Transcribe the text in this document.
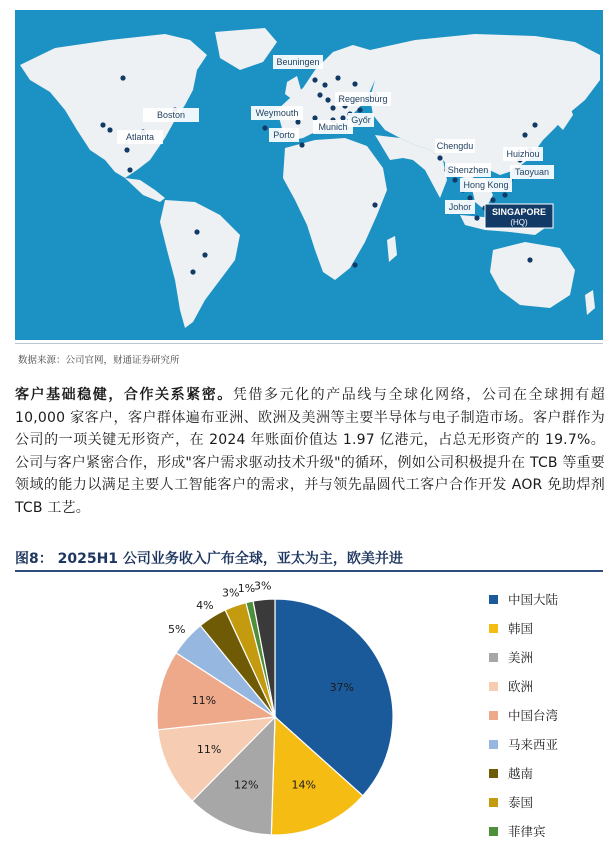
SINGAPORE
(HQ)
Boston
Atlanta
Beuningen
Regensburg
Weymouth
Munich
Győr
Porto
Chengdu
Huizhou
Shenzhen	Taoyuan
Hong Kong
Johor
数据来源：公司官网，财通证券研究所
客户基础稳健，合作关系紧密。凭借多元化的产品线与全球化网络，公司在全球拥有超 10,000 家客户，客户群体遍布亚洲、欧洲及美洲等主要半导体与电子制造市场。客户群作为公司的一项关键无形资产，在 2024 年账面价值达 1.97 亿港元，占总无形资产的 19.7%。公司与客户紧密合作，形成"客户需求驱动技术升级"的循环，例如公司积极提升在 TCB 等重要领域的能力以满足主要人工智能客户的需求，并与领先晶圆代工客户合作开发 AOR 免助焊剂 TCB 工艺。
图8： 2025H1 公司业务收入广布全球，亚太为主，欧美并进
37%
14%
12%
11%
11%
5%
4%
3%
1%
3%
中国大陆
韩国
美洲
欧洲
中国台湾
马来西亚
越南
泰国
菲律宾
